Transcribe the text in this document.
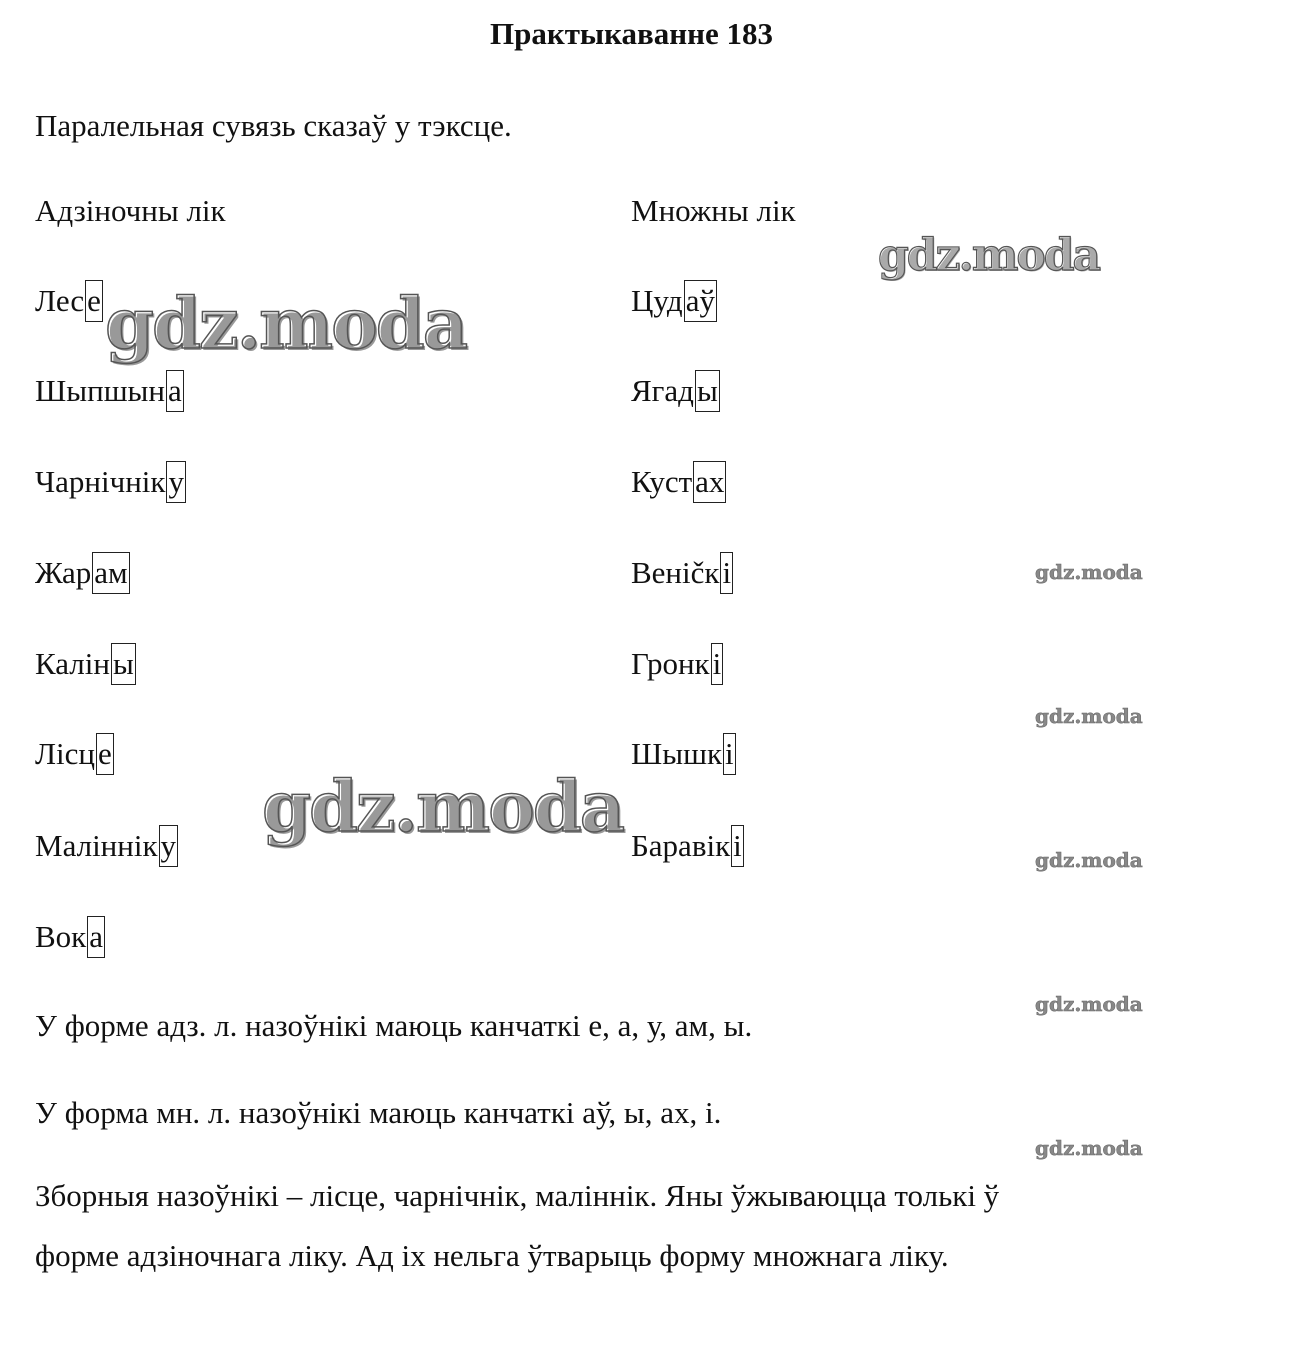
Практыкаванне 183
Паралельная сувязь сказаў у тэксце.
Адзіночны лік	Множны лік
Лесе
Шыпшына
Чарнічніку
Жарам
Каліны
Лісце
Малінніку
Вока
Цудаў
Ягады
Кустах
Веніčкі
Гронкі
Шышкі
Баравікі
У форме адз. л. назоўнікі маюць канчаткі е, а, у, ам, ы.
У форма мн. л. назоўнікі маюць канчаткі аў, ы, ах, і.
Зборныя назоўнікі – лісце, чарнічнік, маліннік. Яны ўжываюцца толькі ў
форме адзіночнага ліку. Ад іх нельга ўтварыць форму множнага ліку.
gdz.moda
gdz.moda
gdz.moda
gdz.moda
gdz.moda
gdz.moda
gdz.moda
gdz.moda
